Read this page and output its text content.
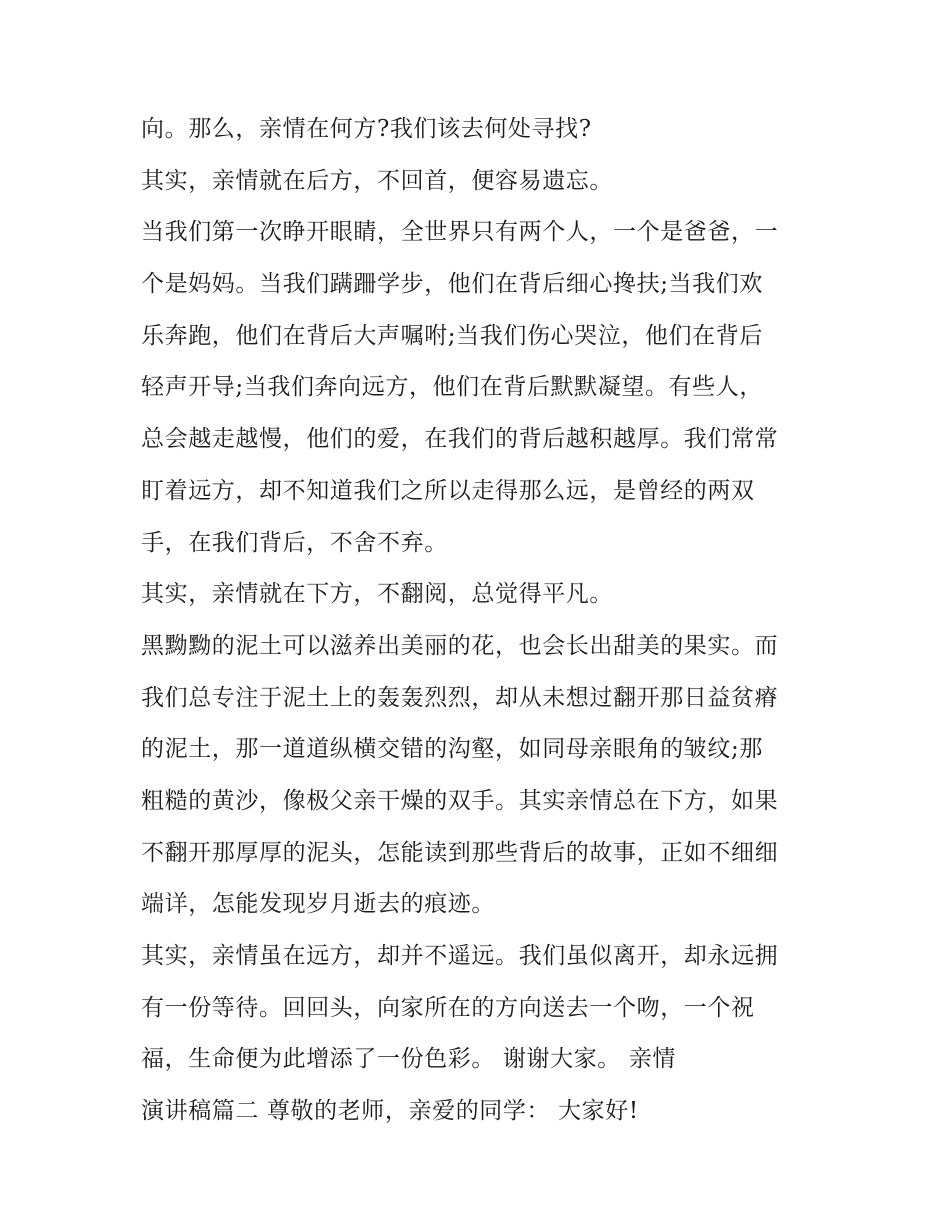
向。那么，亲情在何方?我们该去何处寻找?
其实，亲情就在后方，不回首，便容易遗忘。
当我们第一次睁开眼睛，全世界只有两个人，一个是爸爸，一
个是妈妈。当我们蹒跚学步，他们在背后细心搀扶;当我们欢
乐奔跑，他们在背后大声嘱咐;当我们伤心哭泣，他们在背后
轻声开导;当我们奔向远方，他们在背后默默凝望。有些人，
总会越走越慢，他们的爱，在我们的背后越积越厚。我们常常
盯着远方，却不知道我们之所以走得那么远，是曾经的两双
手，在我们背后，不舍不弃。
其实，亲情就在下方，不翻阅，总觉得平凡。
黑黝黝的泥土可以滋养出美丽的花，也会长出甜美的果实。而
我们总专注于泥土上的轰轰烈烈，却从未想过翻开那日益贫瘠
的泥土，那一道道纵横交错的沟壑，如同母亲眼角的皱纹;那
粗糙的黄沙，像极父亲干燥的双手。其实亲情总在下方，如果
不翻开那厚厚的泥头，怎能读到那些背后的故事，正如不细细
端详，怎能发现岁月逝去的痕迹。
其实，亲情虽在远方，却并不遥远。我们虽似离开，却永远拥
有一份等待。回回头，向家所在的方向送去一个吻，一个祝
福，生命便为此增添了一份色彩。 谢谢大家。 亲情
演讲稿篇二 尊敬的老师，亲爱的同学： 大家好!
